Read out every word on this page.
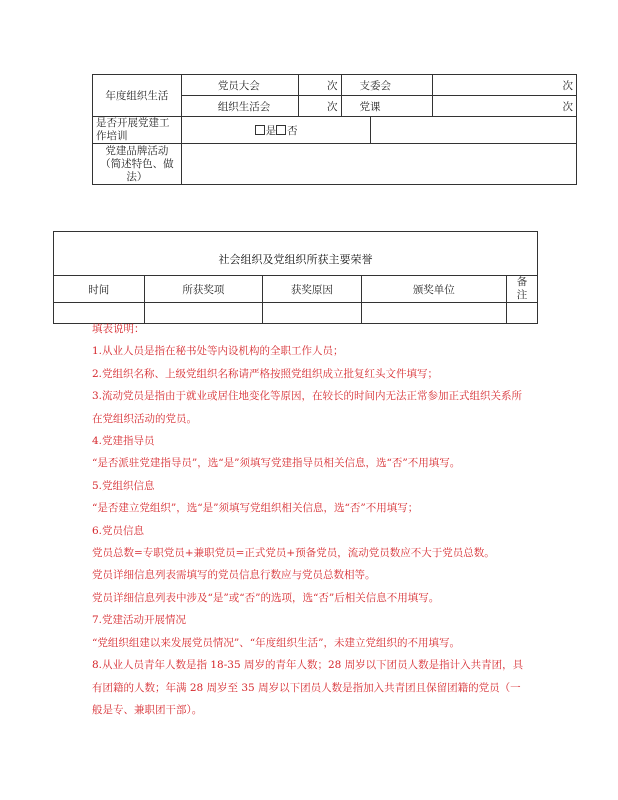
年度组织生活	党员大会	次	支委会		次
	组织生活会	次	党课		次
是否开展党建工作培训	是 否				
党建品牌活动（简述特色、做法）					
社会组织及党组织所获主要荣誉				
时间	所获奖项	获奖原因	颁奖单位	备注

填表说明：

1.从业人员是指在秘书处等内设机构的全职工作人员；

2.党组织名称、上级党组织名称请严格按照党组织成立批复红头文件填写；

3.流动党员是指由于就业或居住地变化等原因，在较长的时间内无法正常参加正式组织关系所在党组织活动的党员。

4.党建指导员

“是否派驻党建指导员”，选“是”须填写党建指导员相关信息，选“否”不用填写。

5.党组织信息

“是否建立党组织”，选“是”须填写党组织相关信息，选“否”不用填写；

6.党员信息

党员总数=专职党员+兼职党员=正式党员+预备党员，流动党员数应不大于党员总数。

党员详细信息列表需填写的党员信息行数应与党员总数相等。

党员详细信息列表中涉及“是”或“否”的选项，选“否”后相关信息不用填写。

7.党建活动开展情况

“党组织组建以来发展党员情况”、“年度组织生活”，未建立党组织的不用填写。

8.从业人员青年人数是指 18-35 周岁的青年人数；28 周岁以下团员人数是指计入共青团，具有团籍的人数；年满 28 周岁至 35 周岁以下团员人数是指加入共青团且保留团籍的党员（一般是专、兼职团干部）。
